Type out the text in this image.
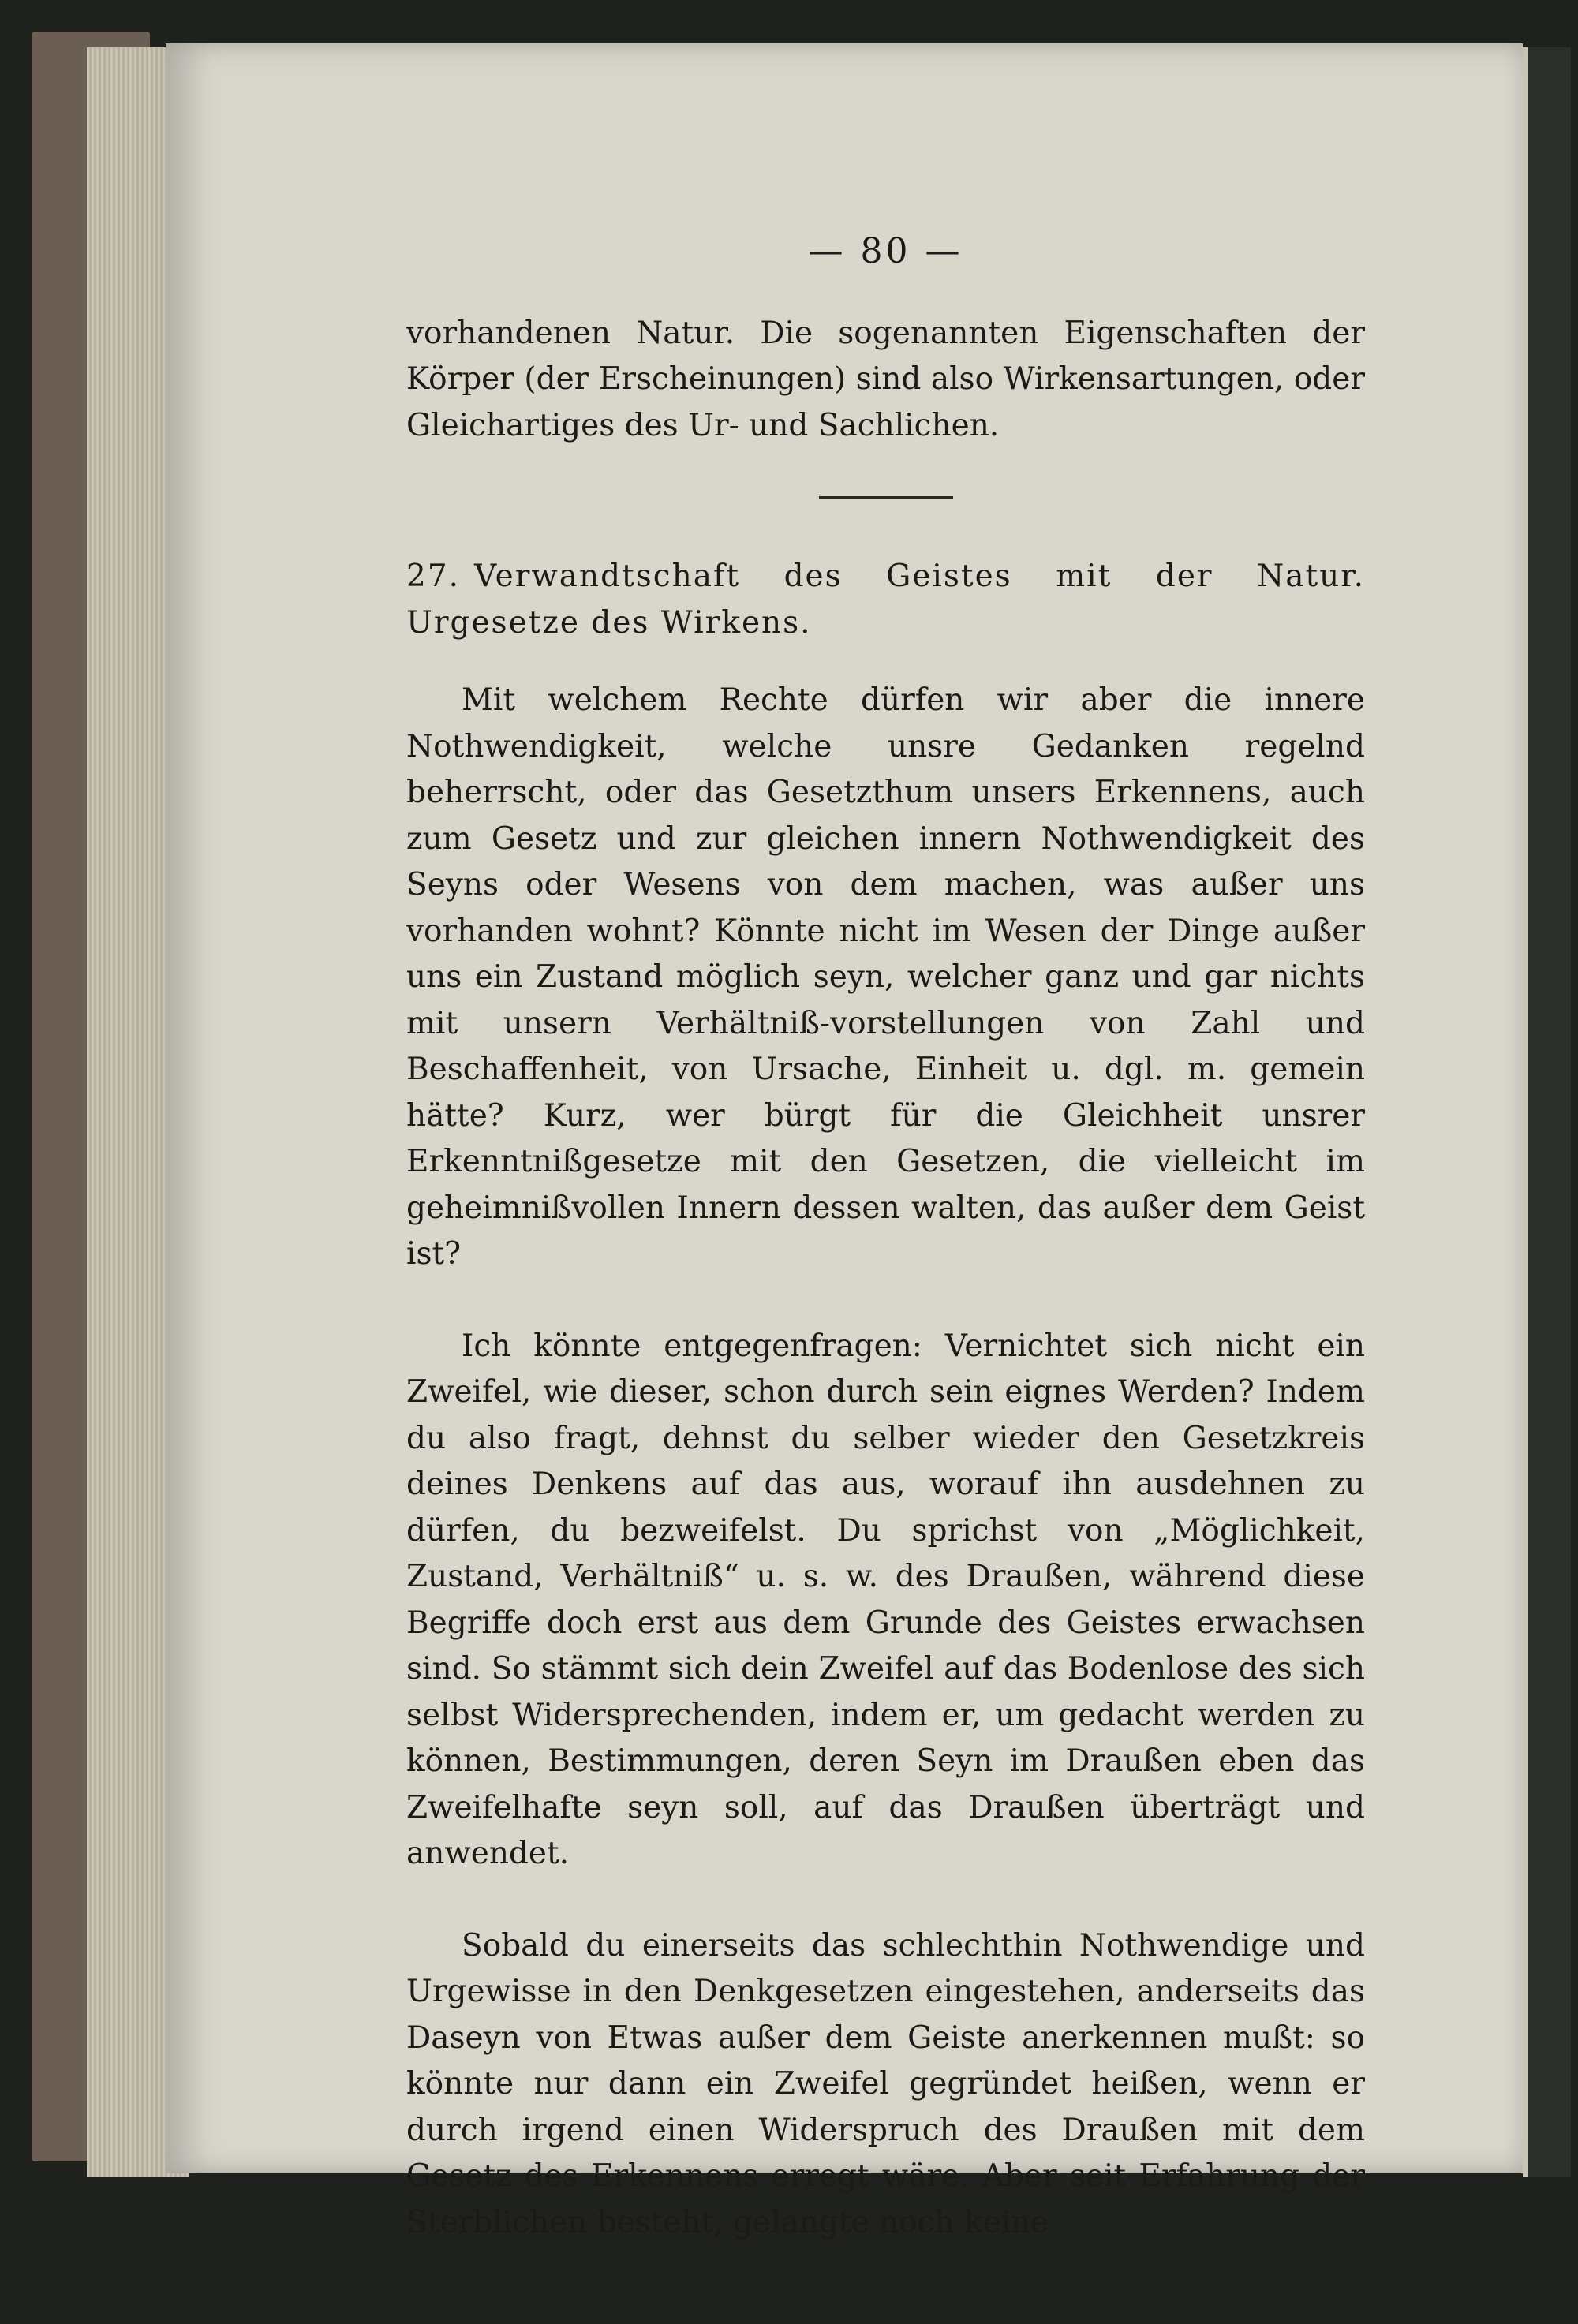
— 80 —

vorhandenen Natur. Die sogenannten Eigenschaften der Körper (der Erscheinungen) sind also Wirkensartungen, oder Gleichartiges des Ur- und Sachlichen.

27. Verwandtschaft des Geistes mit der Natur. Urgesetze des Wirkens.

Mit welchem Rechte dürfen wir aber die innere Nothwendigkeit, welche unsre Gedanken regelnd beherrscht, oder das Gesetzthum unsers Erkennens, auch zum Gesetz und zur gleichen innern Nothwendigkeit des Seyns oder Wesens von dem machen, was außer uns vorhanden wohnt? Könnte nicht im Wesen der Dinge außer uns ein Zustand möglich seyn, welcher ganz und gar nichts mit unsern Verhältniß-vorstellungen von Zahl und Beschaffenheit, von Ursache, Einheit u. dgl. m. gemein hätte? Kurz, wer bürgt für die Gleichheit unsrer Erkenntnißgesetze mit den Gesetzen, die vielleicht im geheimnißvollen Innern dessen walten, das außer dem Geist ist?

Ich könnte entgegenfragen: Vernichtet sich nicht ein Zweifel, wie dieser, schon durch sein eignes Werden? Indem du also fragt, dehnst du selber wieder den Gesetzkreis deines Denkens auf das aus, worauf ihn ausdehnen zu dürfen, du bezweifelst. Du sprichst von „Möglichkeit, Zustand, Verhältniß“ u. s. w. des Draußen, während diese Begriffe doch erst aus dem Grunde des Geistes erwachsen sind. So stämmt sich dein Zweifel auf das Bodenlose des sich selbst Widersprechenden, indem er, um gedacht werden zu können, Bestimmungen, deren Seyn im Draußen eben das Zweifelhafte seyn soll, auf das Draußen überträgt und anwendet.

Sobald du einerseits das schlechthin Nothwendige und Urgewisse in den Denkgesetzen eingestehen, anderseits das Daseyn von Etwas außer dem Geiste anerkennen mußt: so könnte nur dann ein Zweifel gegründet heißen, wenn er durch irgend einen Widerspruch des Draußen mit dem Gesetz des Erkennens erregt wäre. Aber seit Erfahrung der Sterblichen besteht, gelangte noch keine
